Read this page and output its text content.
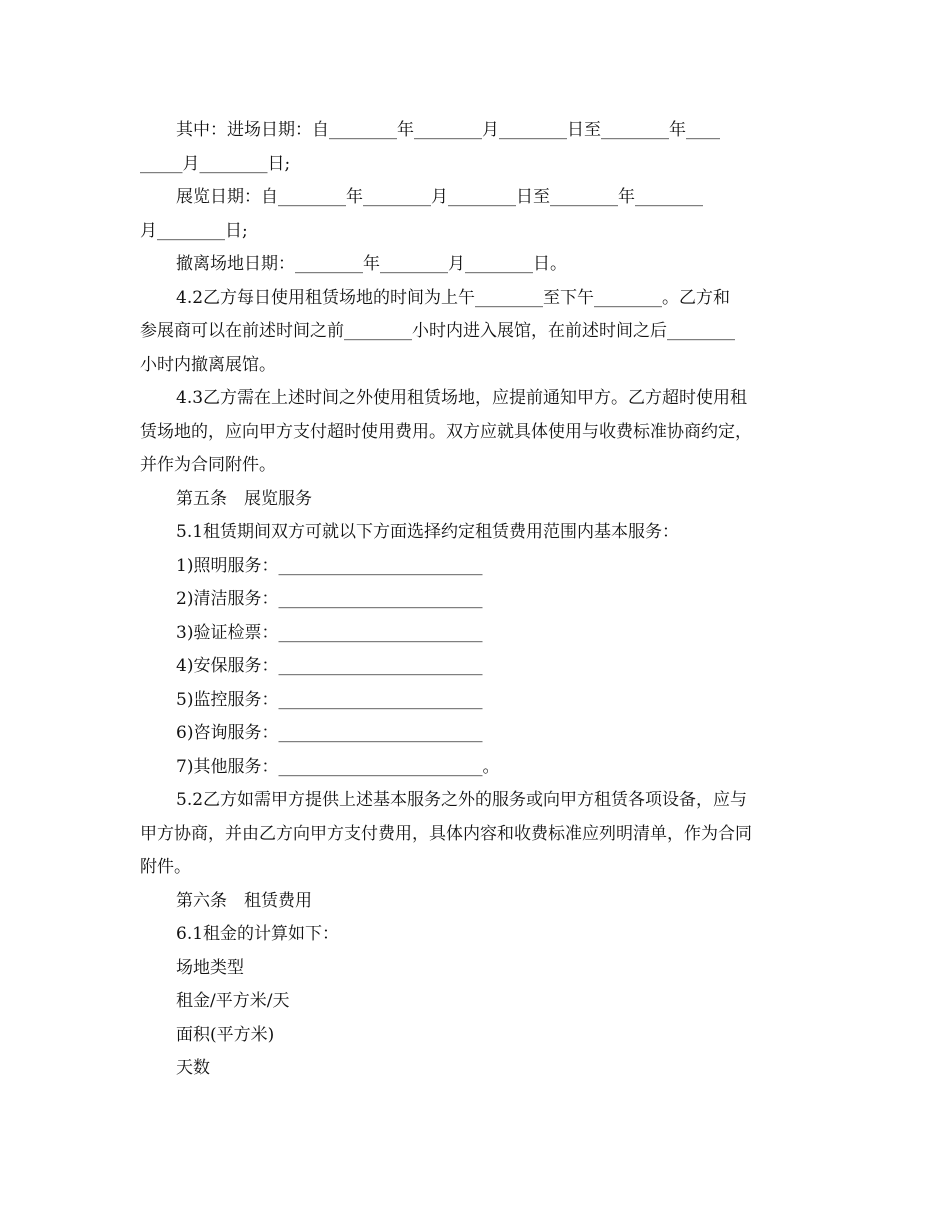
其中：进场日期：自________年________月________日至________年____

_____月________日;

展览日期：自________年________月________日至________年________

月________日;

撤离场地日期：________年________月________日。

4.2乙方每日使用租赁场地的时间为上午________至下午________。乙方和

参展商可以在前述时间之前________小时内进入展馆，在前述时间之后________

小时内撤离展馆。

4.3乙方需在上述时间之外使用租赁场地，应提前通知甲方。乙方超时使用租

赁场地的，应向甲方支付超时使用费用。双方应就具体使用与收费标准协商约定，

并作为合同附件。

第五条　展览服务

5.1租赁期间双方可就以下方面选择约定租赁费用范围内基本服务：

1)照明服务：________________________

2)清洁服务：________________________

3)验证检票：________________________

4)安保服务：________________________

5)监控服务：________________________

6)咨询服务：________________________

7)其他服务：________________________。

5.2乙方如需甲方提供上述基本服务之外的服务或向甲方租赁各项设备，应与

甲方协商，并由乙方向甲方支付费用，具体内容和收费标准应列明清单，作为合同

附件。

第六条　租赁费用

6.1租金的计算如下：

场地类型

租金/平方米/天

面积(平方米)

天数
